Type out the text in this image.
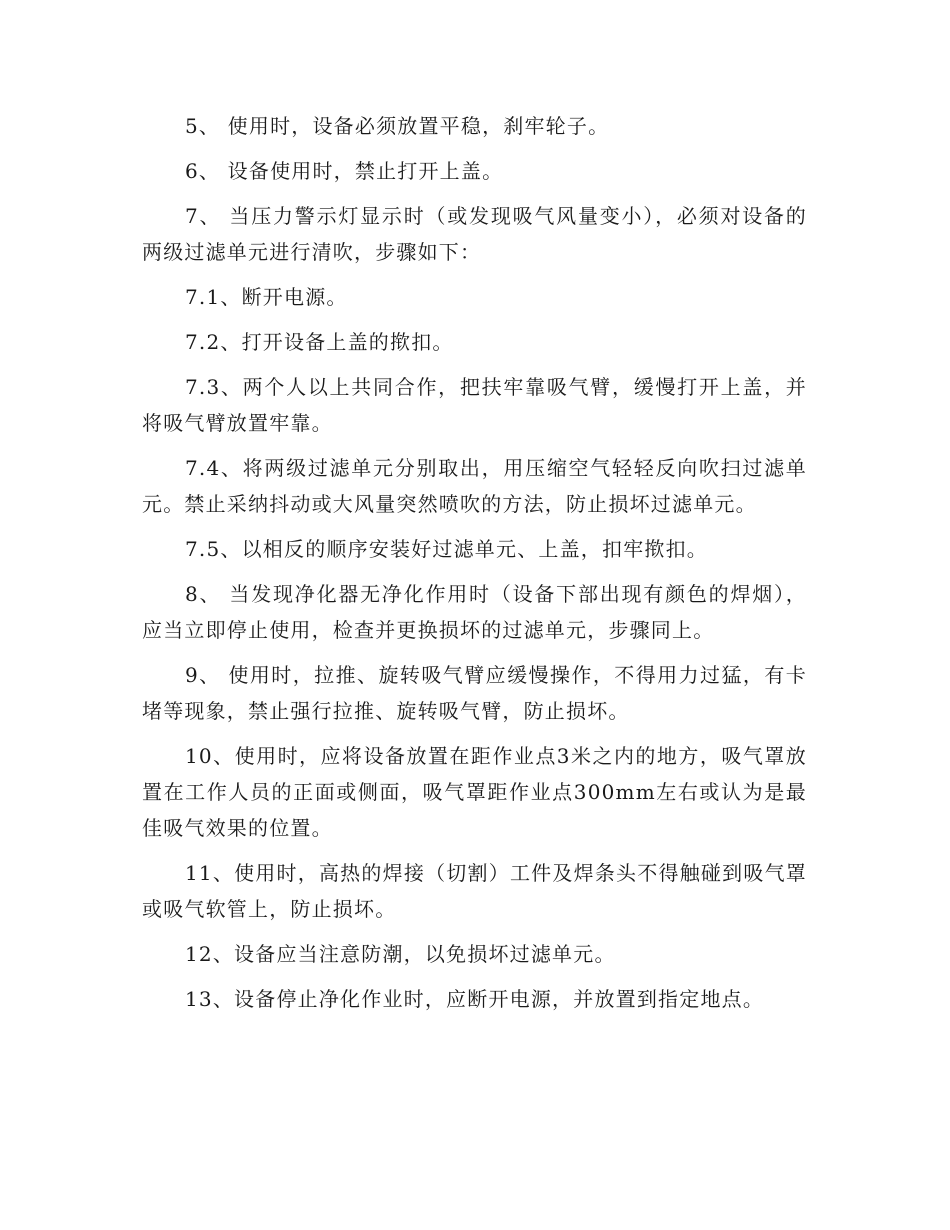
5、 使用时，设备必须放置平稳，刹牢轮子。

6、 设备使用时，禁止打开上盖。

7、 当压力警示灯显示时（或发现吸气风量变小），必须对设备的两级过滤单元进行清吹，步骤如下：

7.1、断开电源。

7.2、打开设备上盖的揿扣。

7.3、两个人以上共同合作，把扶牢靠吸气臂，缓慢打开上盖，并将吸气臂放置牢靠。

7.4、将两级过滤单元分别取出，用压缩空气轻轻反向吹扫过滤单元。禁止采纳抖动或大风量突然喷吹的方法，防止损坏过滤单元。

7.5、以相反的顺序安装好过滤单元、上盖，扣牢揿扣。

8、 当发现净化器无净化作用时（设备下部出现有颜色的焊烟），应当立即停止使用，检查并更换损坏的过滤单元，步骤同上。

9、 使用时，拉推、旋转吸气臂应缓慢操作，不得用力过猛，有卡堵等现象，禁止强行拉推、旋转吸气臂，防止损坏。

10、使用时，应将设备放置在距作业点3米之内的地方，吸气罩放置在工作人员的正面或侧面，吸气罩距作业点300mm左右或认为是最佳吸气效果的位置。

11、使用时，高热的焊接（切割）工件及焊条头不得触碰到吸气罩或吸气软管上，防止损坏。

12、设备应当注意防潮，以免损坏过滤单元。

13、设备停止净化作业时，应断开电源，并放置到指定地点。
